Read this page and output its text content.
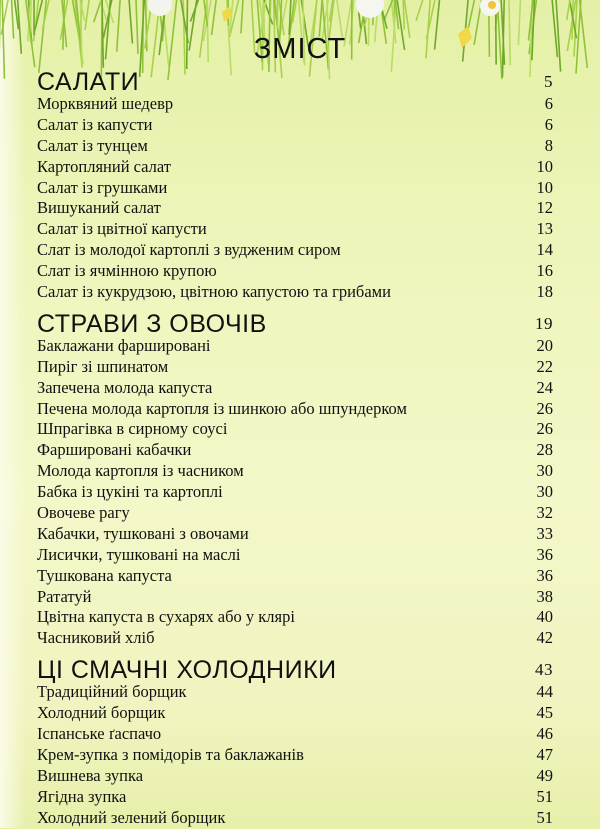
ЗМІСТ
САЛАТИ	5
Морквяний шедевр	6
Салат із капусти	6
Салат із тунцем	8
Картопляний салат	10
Салат із грушками	10
Вишуканий салат	12
Салат із цвітної капусти	13
Слат із молодої картоплі з вудженим сиром	14
Слат із ячмінною крупою	16
Салат із кукрудзою, цвітною капустою та грибами	18
СТРАВИ З ОВОЧІВ	19
Баклажани фаршировані	20
Пиріг зі шпинатом	22
Запечена молода капуста	24
Печена молода картопля із шинкою або шпундерком	26
Шпрагівка в сирному соусі	26
Фаршировані кабачки	28
Молода картопля із часником	30
Бабка із цукіні та картоплі	30
Овочеве рагу	32
Кабачки, тушковані з овочами	33
Лисички, тушковані на маслі	36
Тушкована капуста	36
Рататуй	38
Цвітна капуста в сухарях або у клярі	40
Часниковий хліб	42
ЦІ СМАЧНІ ХОЛОДНИКИ	43
Традиційний борщик	44
Холодний борщик	45
Іспанське ґаспачо	46
Крем-зупка з помідорів та баклажанів	47
Вишнева зупка	49
Ягідна зупка	51
Холодний зелений борщик	51
